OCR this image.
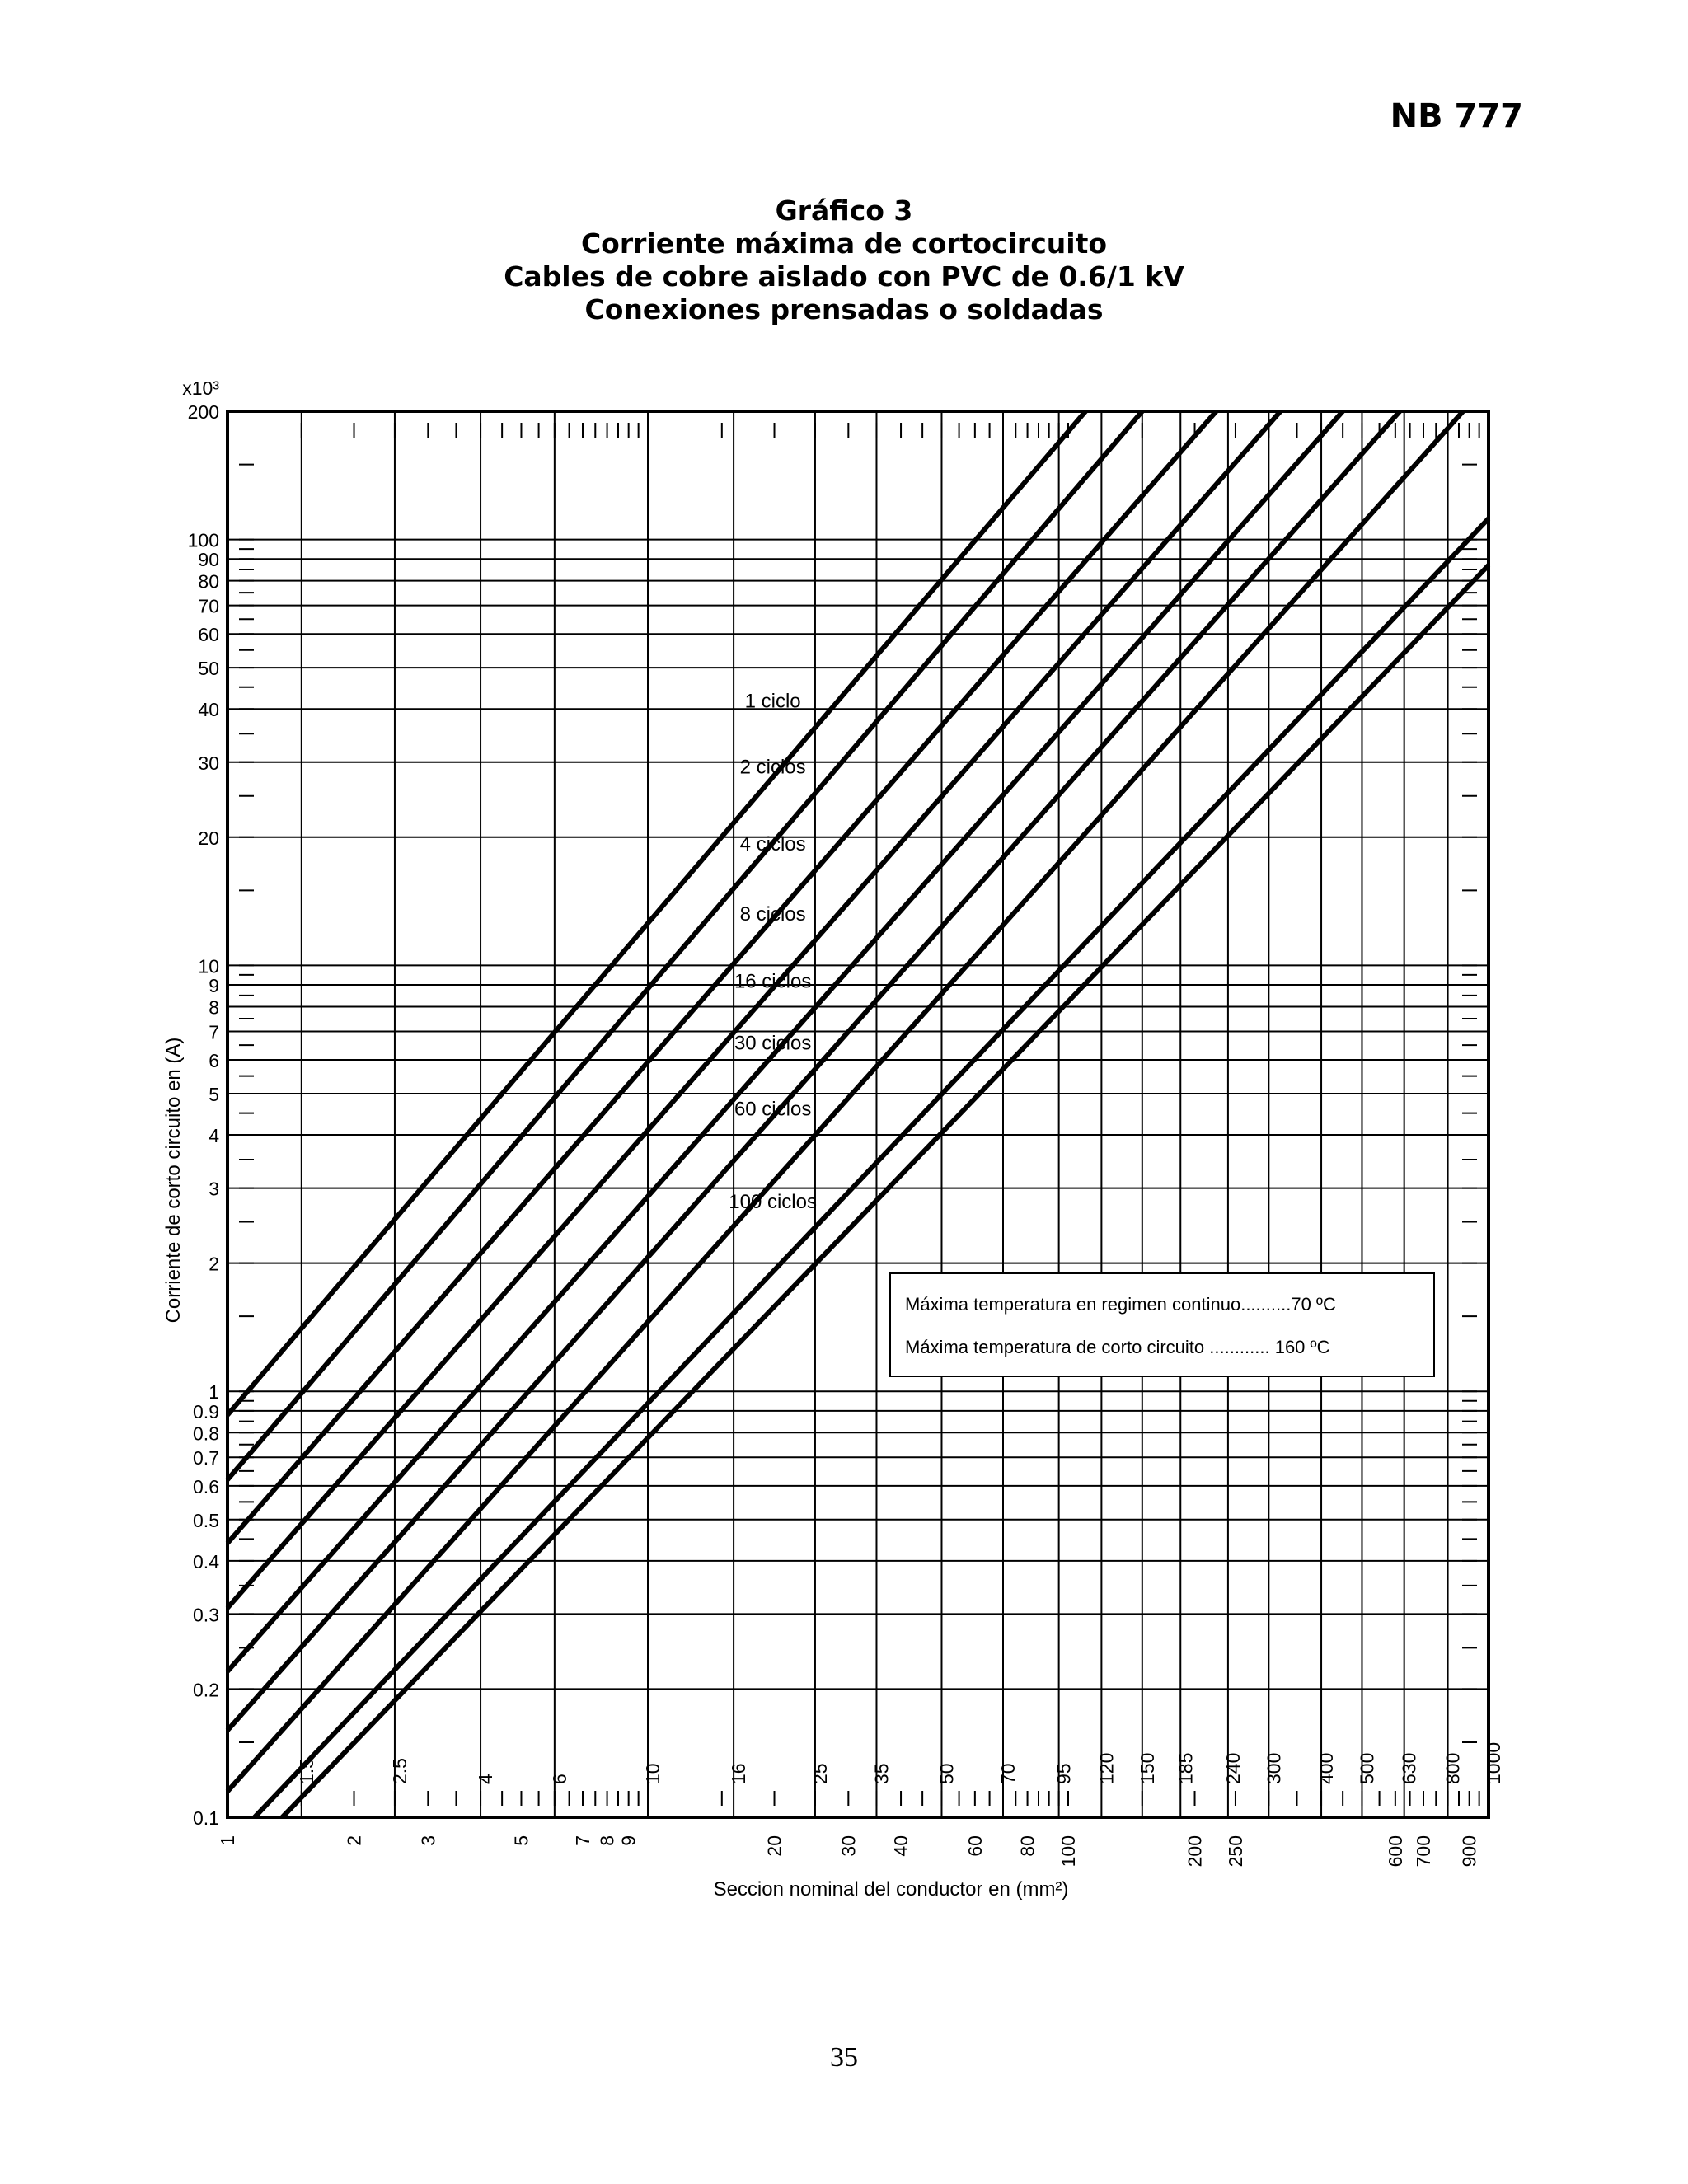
NB 777
Gráfico 3
Corriente máxima de cortocircuito
Cables de cobre aislado con PVC de 0.6/1 kV
Conexiones prensadas o soldadas
0.1
0.2
0.3
0.4
0.5
0.6
0.7
0.8
0.9
1
2
3
4
5
6
7
8
9
10
20
30
40
50
60
70
80
90
100
200
x10³
1	2	3	5 7 8 9	20	30 40	60 80 100	200 250	600 700 900
1.5	2.5	4	6	10	16	25 35 50 70 95 120 150 185 240 300 400 500 630 800 1000
Seccion nominal del conductor en (mm²)
Corriente de corto circuito en (A)
1 ciclo
2 ciclos
4 ciclos
8 ciclos
16 ciclos
30 ciclos
60 ciclos
100 ciclos
Máxima temperatura en regimen continuo..........70 ºC
Máxima temperatura de corto circuito ............ 160 ºC
35
